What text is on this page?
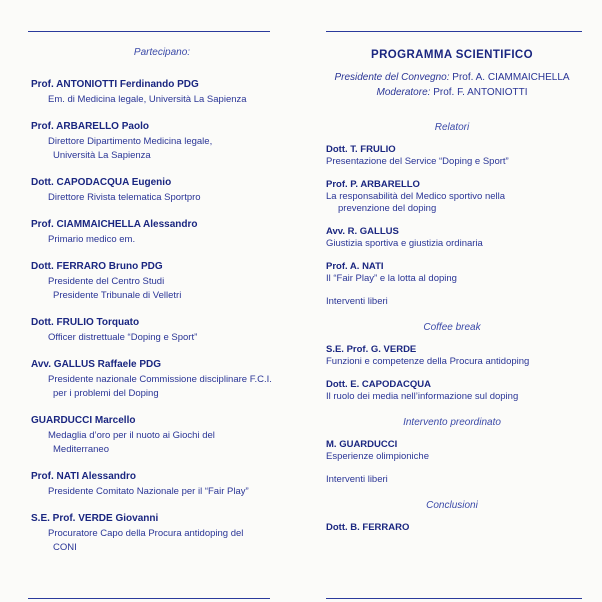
Partecipano:
Prof. ANTONIOTTI Ferdinando PDG
Em. di Medicina legale, Università La Sapienza
Prof. ARBARELLO Paolo
Direttore Dipartimento Medicina legale,
Università La Sapienza
Dott. CAPODACQUA Eugenio
Direttore Rivista telematica Sportpro
Prof. CIAMMAICHELLA Alessandro
Primario medico em.
Dott. FERRARO Bruno PDG
Presidente del Centro Studi
Presidente Tribunale di Velletri
Dott. FRULIO Torquato
Officer distrettuale “Doping e Sport”
Avv. GALLUS Raffaele PDG
Presidente nazionale Commissione disciplinare F.C.I.
per i problemi del Doping
GUARDUCCI Marcello
Medaglia d’oro per il nuoto ai Giochi del
Mediterraneo
Prof. NATI Alessandro
Presidente Comitato Nazionale per il “Fair Play”
S.E. Prof. VERDE Giovanni
Procuratore Capo della Procura antidoping del
CONI
PROGRAMMA SCIENTIFICO
Presidente del Convegno: Prof. A. CIAMMAICHELLA
Moderatore: Prof. F. ANTONIOTTI
Relatori
Dott. T. FRULIO
Presentazione del Service “Doping e Sport”
Prof. P. ARBARELLO
La responsabilità del Medico sportivo nella
prevenzione del doping
Avv. R. GALLUS
Giustizia sportiva e giustizia ordinaria
Prof. A. NATI
Il “Fair Play” e la lotta al doping
Interventi liberi
Coffee break
S.E. Prof. G. VERDE
Funzioni e competenze della Procura antidoping
Dott. E. CAPODACQUA
Il ruolo dei media nell’informazione sul doping
Intervento preordinato
M. GUARDUCCI
Esperienze olimpioniche
Interventi liberi
Conclusioni
Dott. B. FERRARO
